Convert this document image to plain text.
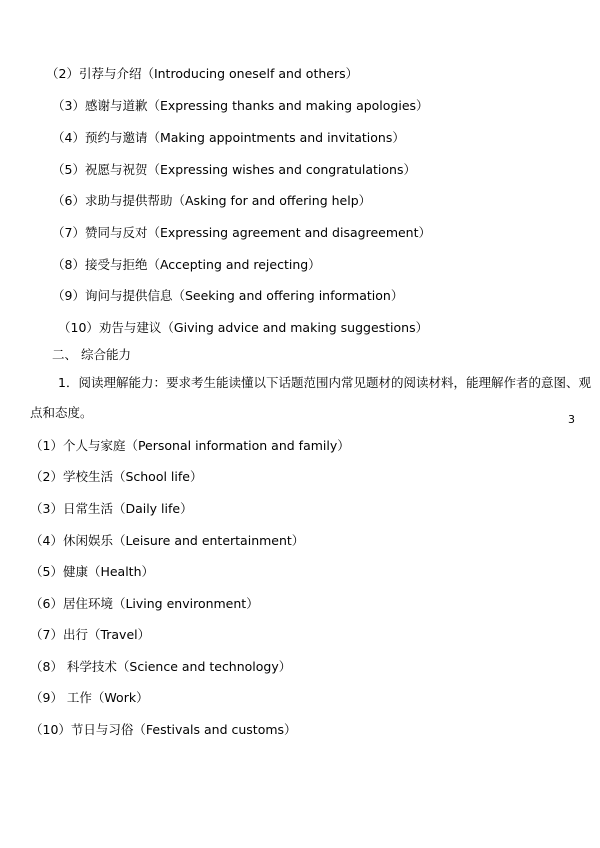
（2）引荐与介绍（Introducing oneself and others）
（3）感谢与道歉（Expressing thanks and making apologies）
（4）预约与邀请（Making appointments and invitations）
（5）祝愿与祝贺（Expressing wishes and congratulations）
（6）求助与提供帮助（Asking for and offering help）
（7）赞同与反对（Expressing agreement and disagreement）
（8）接受与拒绝（Accepting and rejecting）
（9）询问与提供信息（Seeking and offering information）
（10）劝告与建议（Giving advice and making suggestions）
二、 综合能力
1．阅读理解能力：要求考生能读懂以下话题范围内常见题材的阅读材料，能理解作者的意图、观
点和态度。	3
（1）个人与家庭（Personal information and family）
（2）学校生活（School life）
（3）日常生活（Daily life）
（4）休闲娱乐（Leisure and entertainment）
（5）健康（Health）
（6）居住环境（Living environment）
（7）出行（Travel）
（8） 科学技术（Science and technology）
（9） 工作（Work）
（10）节日与习俗（Festivals and customs）
